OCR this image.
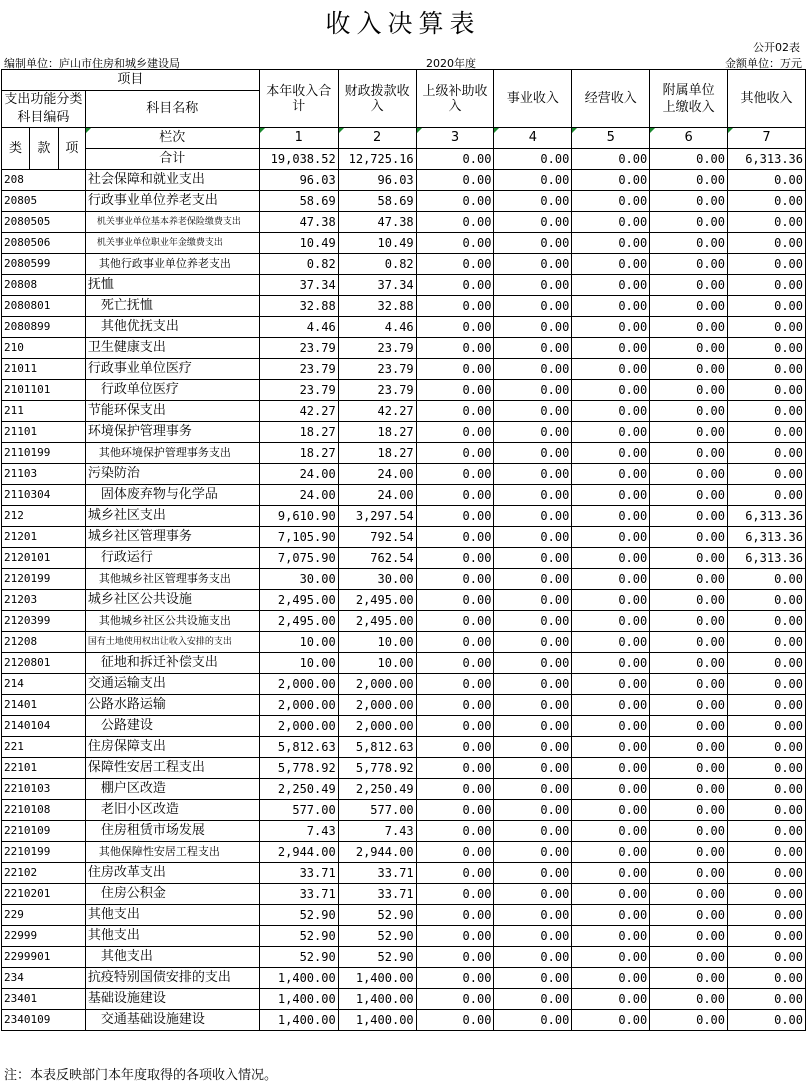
收入决算表
公开02表
编制单位：庐山市住房和城乡建设局	2020年度	金额单位：万元
项目				本年收入合计	财政拨款收入	上级补助收入	事业收入	经营收入	附属单位上缴收入	其他收入
支出功能分类科目编码			科目名称							

类	款	项	栏次	1	2	3	4	5	6	7
			合计	19,038.52	12,725.16	0.00	0.00	0.00	0.00	6,313.36
208			社会保障和就业支出	96.03	96.03	0.00	0.00	0.00	0.00	0.00
20805			行政事业单位养老支出	58.69	58.69	0.00	0.00	0.00	0.00	0.00
2080505			　机关事业单位基本养老保险缴费支出	47.38	47.38	0.00	0.00	0.00	0.00	0.00
2080506			　机关事业单位职业年金缴费支出	10.49	10.49	0.00	0.00	0.00	0.00	0.00
2080599			　其他行政事业单位养老支出	0.82	0.82	0.00	0.00	0.00	0.00	0.00
20808			抚恤	37.34	37.34	0.00	0.00	0.00	0.00	0.00
2080801			　死亡抚恤	32.88	32.88	0.00	0.00	0.00	0.00	0.00
2080899			　其他优抚支出	4.46	4.46	0.00	0.00	0.00	0.00	0.00
210			卫生健康支出	23.79	23.79	0.00	0.00	0.00	0.00	0.00
21011			行政事业单位医疗	23.79	23.79	0.00	0.00	0.00	0.00	0.00
2101101			　行政单位医疗	23.79	23.79	0.00	0.00	0.00	0.00	0.00
211			节能环保支出	42.27	42.27	0.00	0.00	0.00	0.00	0.00
21101			环境保护管理事务	18.27	18.27	0.00	0.00	0.00	0.00	0.00
2110199			　其他环境保护管理事务支出	18.27	18.27	0.00	0.00	0.00	0.00	0.00
21103			污染防治	24.00	24.00	0.00	0.00	0.00	0.00	0.00
2110304			　固体废弃物与化学品	24.00	24.00	0.00	0.00	0.00	0.00	0.00
212			城乡社区支出	9,610.90	3,297.54	0.00	0.00	0.00	0.00	6,313.36
21201			城乡社区管理事务	7,105.90	792.54	0.00	0.00	0.00	0.00	6,313.36
2120101			　行政运行	7,075.90	762.54	0.00	0.00	0.00	0.00	6,313.36
2120199			　其他城乡社区管理事务支出	30.00	30.00	0.00	0.00	0.00	0.00	0.00
21203			城乡社区公共设施	2,495.00	2,495.00	0.00	0.00	0.00	0.00	0.00
2120399			　其他城乡社区公共设施支出	2,495.00	2,495.00	0.00	0.00	0.00	0.00	0.00
21208			国有土地使用权出让收入安排的支出	10.00	10.00	0.00	0.00	0.00	0.00	0.00
2120801			　征地和拆迁补偿支出	10.00	10.00	0.00	0.00	0.00	0.00	0.00
214			交通运输支出	2,000.00	2,000.00	0.00	0.00	0.00	0.00	0.00
21401			公路水路运输	2,000.00	2,000.00	0.00	0.00	0.00	0.00	0.00
2140104			　公路建设	2,000.00	2,000.00	0.00	0.00	0.00	0.00	0.00
221			住房保障支出	5,812.63	5,812.63	0.00	0.00	0.00	0.00	0.00
22101			保障性安居工程支出	5,778.92	5,778.92	0.00	0.00	0.00	0.00	0.00
2210103			　棚户区改造	2,250.49	2,250.49	0.00	0.00	0.00	0.00	0.00
2210108			　老旧小区改造	577.00	577.00	0.00	0.00	0.00	0.00	0.00
2210109			　住房租赁市场发展	7.43	7.43	0.00	0.00	0.00	0.00	0.00
2210199			　其他保障性安居工程支出	2,944.00	2,944.00	0.00	0.00	0.00	0.00	0.00
22102			住房改革支出	33.71	33.71	0.00	0.00	0.00	0.00	0.00
2210201			　住房公积金	33.71	33.71	0.00	0.00	0.00	0.00	0.00
229			其他支出	52.90	52.90	0.00	0.00	0.00	0.00	0.00
22999			其他支出	52.90	52.90	0.00	0.00	0.00	0.00	0.00
2299901			　其他支出	52.90	52.90	0.00	0.00	0.00	0.00	0.00
234			抗疫特别国债安排的支出	1,400.00	1,400.00	0.00	0.00	0.00	0.00	0.00
23401			基础设施建设	1,400.00	1,400.00	0.00	0.00	0.00	0.00	0.00
2340109			　交通基础设施建设	1,400.00	1,400.00	0.00	0.00	0.00	0.00	0.00
注：本表反映部门本年度取得的各项收入情况。
